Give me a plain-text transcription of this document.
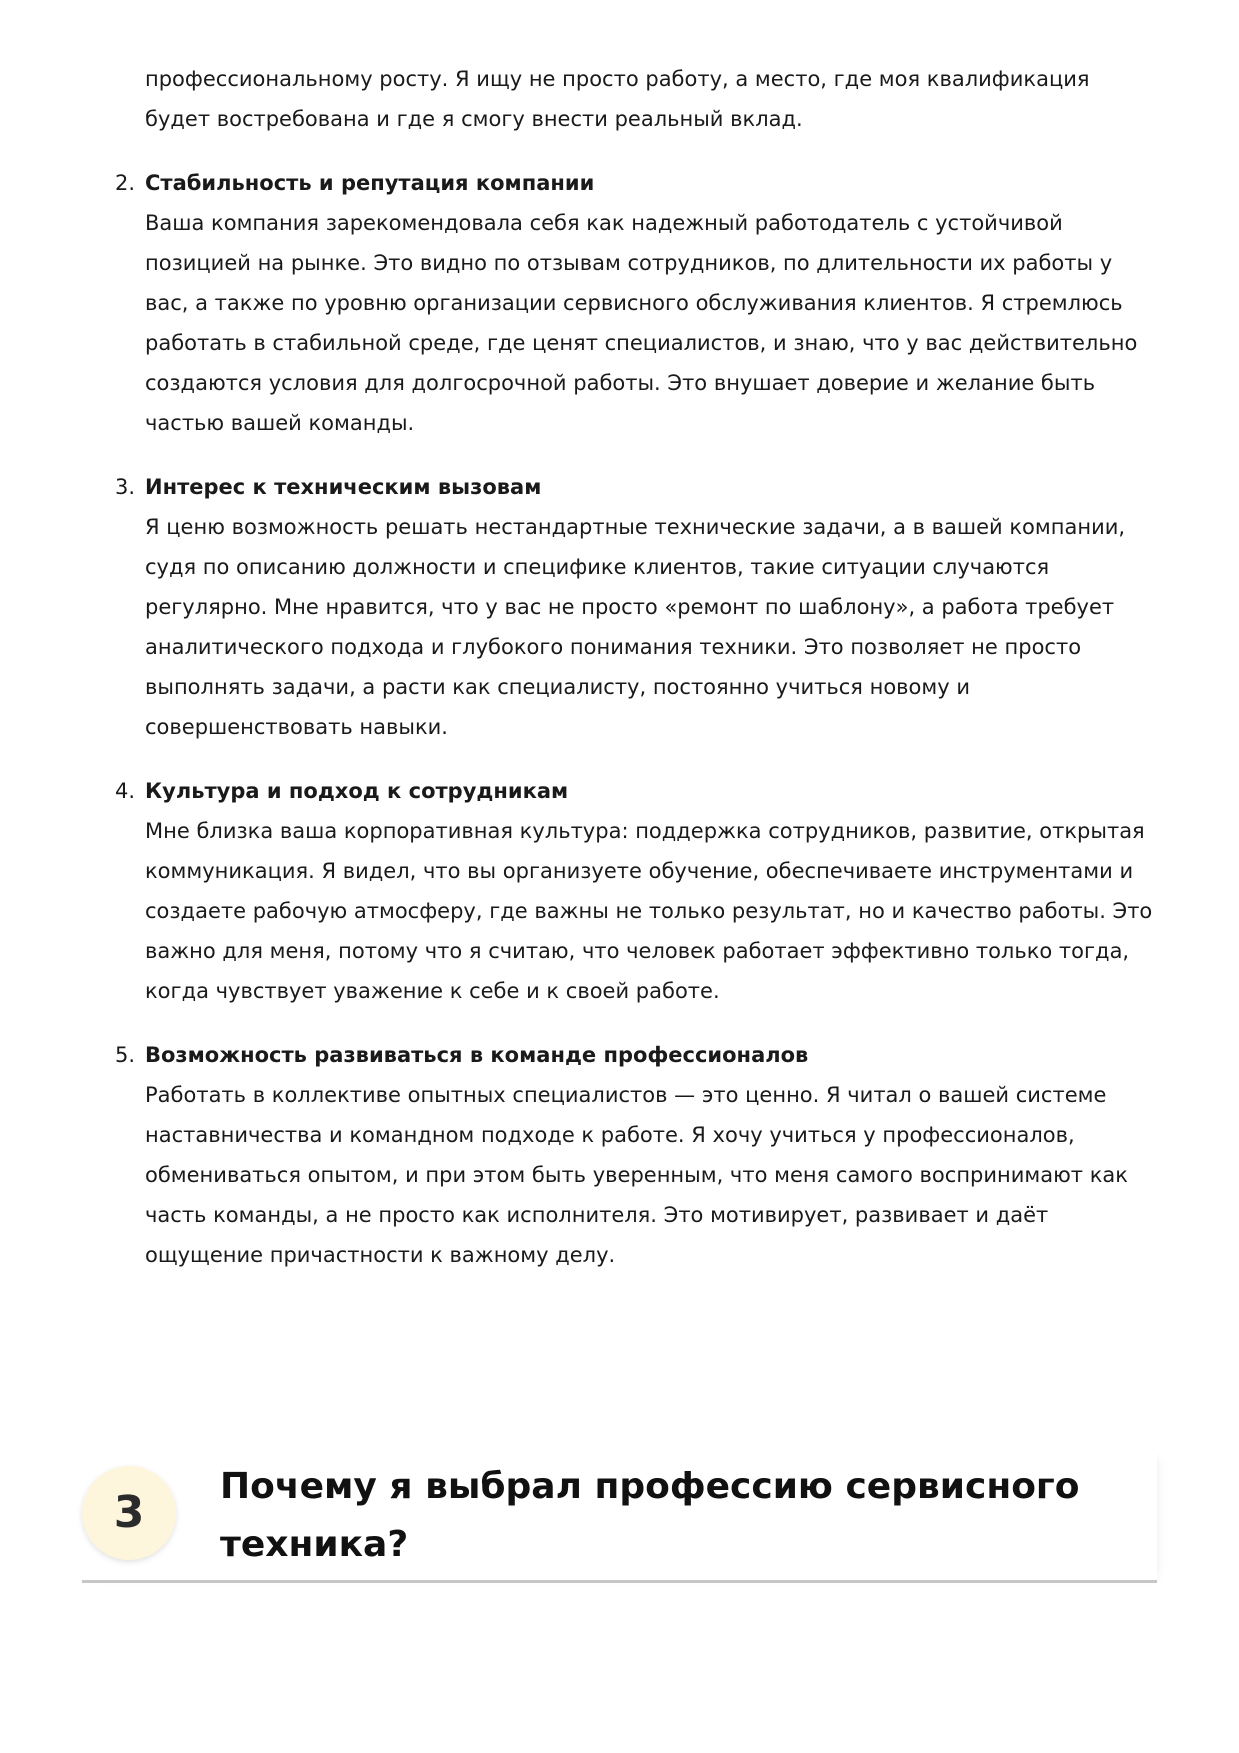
профессиональному росту. Я ищу не просто работу, а место, где моя квалификация будет востребована и где я смогу внести реальный вклад.

2. Стабильность и репутация компании

Ваша компания зарекомендовала себя как надежный работодатель с устойчивой позицией на рынке. Это видно по отзывам сотрудников, по длительности их работы у вас, а также по уровню организации сервисного обслуживания клиентов. Я стремлюсь работать в стабильной среде, где ценят специалистов, и знаю, что у вас действительно создаются условия для долгосрочной работы. Это внушает доверие и желание быть частью вашей команды.

3. Интерес к техническим вызовам

Я ценю возможность решать нестандартные технические задачи, а в вашей компании, судя по описанию должности и специфике клиентов, такие ситуации случаются регулярно. Мне нравится, что у вас не просто «ремонт по шаблону», а работа требует аналитического подхода и глубокого понимания техники. Это позволяет не просто выполнять задачи, а расти как специалисту, постоянно учиться новому и совершенствовать навыки.

4. Культура и подход к сотрудникам

Мне близка ваша корпоративная культура: поддержка сотрудников, развитие, открытая коммуникация. Я видел, что вы организуете обучение, обеспечиваете инструментами и создаете рабочую атмосферу, где важны не только результат, но и качество работы. Это важно для меня, потому что я считаю, что человек работает эффективно только тогда, когда чувствует уважение к себе и к своей работе.

5. Возможность развиваться в команде профессионалов

Работать в коллективе опытных специалистов — это ценно. Я читал о вашей системе наставничества и командном подходе к работе. Я хочу учиться у профессионалов, обмениваться опытом, и при этом быть уверенным, что меня самого воспринимают как часть команды, а не просто как исполнителя. Это мотивирует, развивает и даёт ощущение причастности к важному делу.

3
Почему я выбрал профессию сервисного техника?
